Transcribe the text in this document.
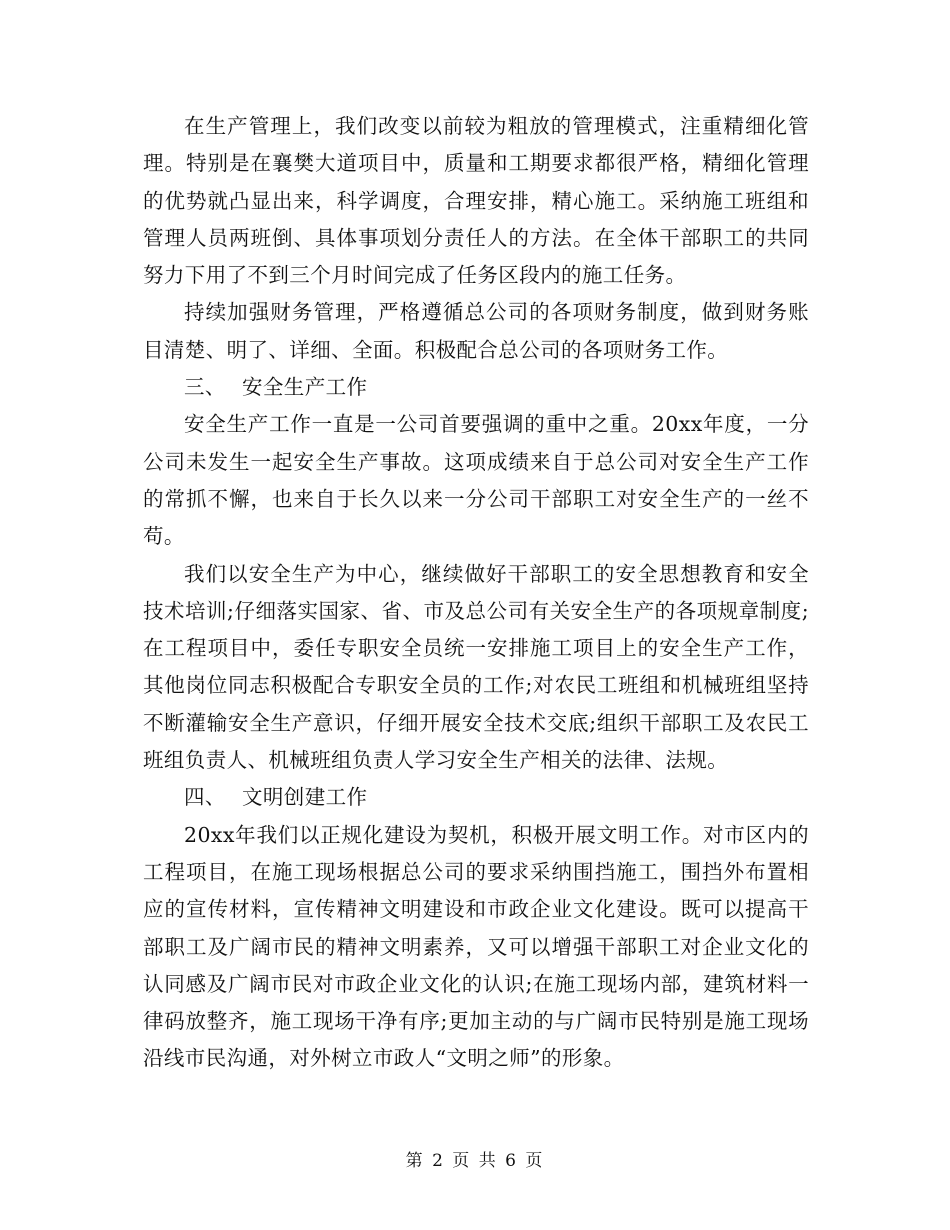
在生产管理上，我们改变以前较为粗放的管理模式，注重精细化管理。特别是在襄樊大道项目中，质量和工期要求都很严格，精细化管理的优势就凸显出来，科学调度，合理安排，精心施工。采纳施工班组和管理人员两班倒、具体事项划分责任人的方法。在全体干部职工的共同努力下用了不到三个月时间完成了任务区段内的施工任务。

持续加强财务管理，严格遵循总公司的各项财务制度，做到财务账目清楚、明了、详细、全面。积极配合总公司的各项财务工作。

三、 安全生产工作

安全生产工作一直是一公司首要强调的重中之重。20xx年度，一分公司未发生一起安全生产事故。这项成绩来自于总公司对安全生产工作的常抓不懈，也来自于长久以来一分公司干部职工对安全生产的一丝不苟。

我们以安全生产为中心，继续做好干部职工的安全思想教育和安全技术培训;仔细落实国家、省、市及总公司有关安全生产的各项规章制度;在工程项目中，委任专职安全员统一安排施工项目上的安全生产工作，其他岗位同志积极配合专职安全员的工作;对农民工班组和机械班组坚持不断灌输安全生产意识，仔细开展安全技术交底;组织干部职工及农民工班组负责人、机械班组负责人学习安全生产相关的法律、法规。

四、 文明创建工作

20xx年我们以正规化建设为契机，积极开展文明工作。对市区内的工程项目，在施工现场根据总公司的要求采纳围挡施工，围挡外布置相应的宣传材料，宣传精神文明建设和市政企业文化建设。既可以提高干部职工及广阔市民的精神文明素养，又可以增强干部职工对企业文化的认同感及广阔市民对市政企业文化的认识;在施工现场内部，建筑材料一律码放整齐，施工现场干净有序;更加主动的与广阔市民特别是施工现场沿线市民沟通，对外树立市政人“文明之师”的形象。

第 2 页 共 6 页
